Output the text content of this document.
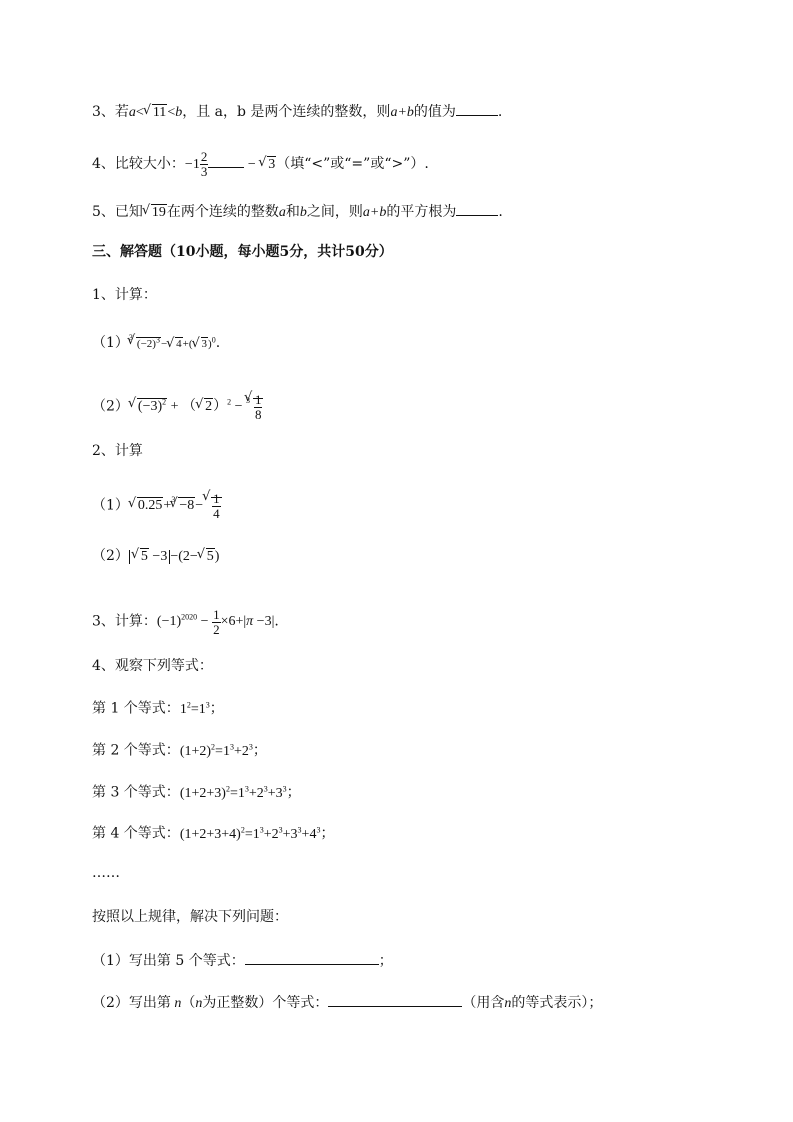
3、若a<√ 11<b，且 a，b 是两个连续的整数，则a+b的值为	.
4、比较大小：$-1 \frac{2}{3}$	− √ 3（填“<”或“=”或“>”）.
5、已知√ 19在两个连续的整数a和b之间，则a+b的平方根为	.
三、解答题（10小题，每小题5分，共计50分）
1、计算：
$(1)^3√$ $(-2)^3-√$ 4+(√ 3)$^0$.
（2）√ $(-3)^2$ + （√ 2）$^2$ − $^3$
√ $\frac{1}{8}$
2、计算
（1）√ 0.25+$^3$√ −8−
√ $\frac{1}{4}$
（2）√ 5 −3 −(2−√ 5)
3、计算：$(-1)^{2020} - \frac{1}{2} \times 6+|\pi -3|$.
4、观察下列等式：
第 1 个等式：$1^2=1^3$；
第 2 个等式：$(1+2)^2=1^3+2^3$；
第 3 个等式：$(1+2+3)^2=1^3+2^3+3^3$；
第 4 个等式：$(1+2+3+4)^2=1^3+2^3+3^3+4^3$；
……
按照以上规律，解决下列问题：
（1）写出第 5 个等式：	；
（2）写出第 n（n为正整数）个等式：	（用含n的等式表示）；
